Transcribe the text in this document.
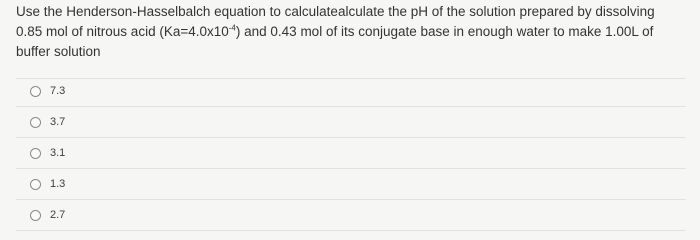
Use the Henderson-Hasselbalch equation to calculatealculate the pH of the solution prepared by dissolving 0.85 mol of nitrous acid $(Ka=4.0x10^{-4})$ and 0.43 mol of its conjugate base in enough water to make 1.00L of buffer solution
7.3
3.7
3.1
1.3
2.7
